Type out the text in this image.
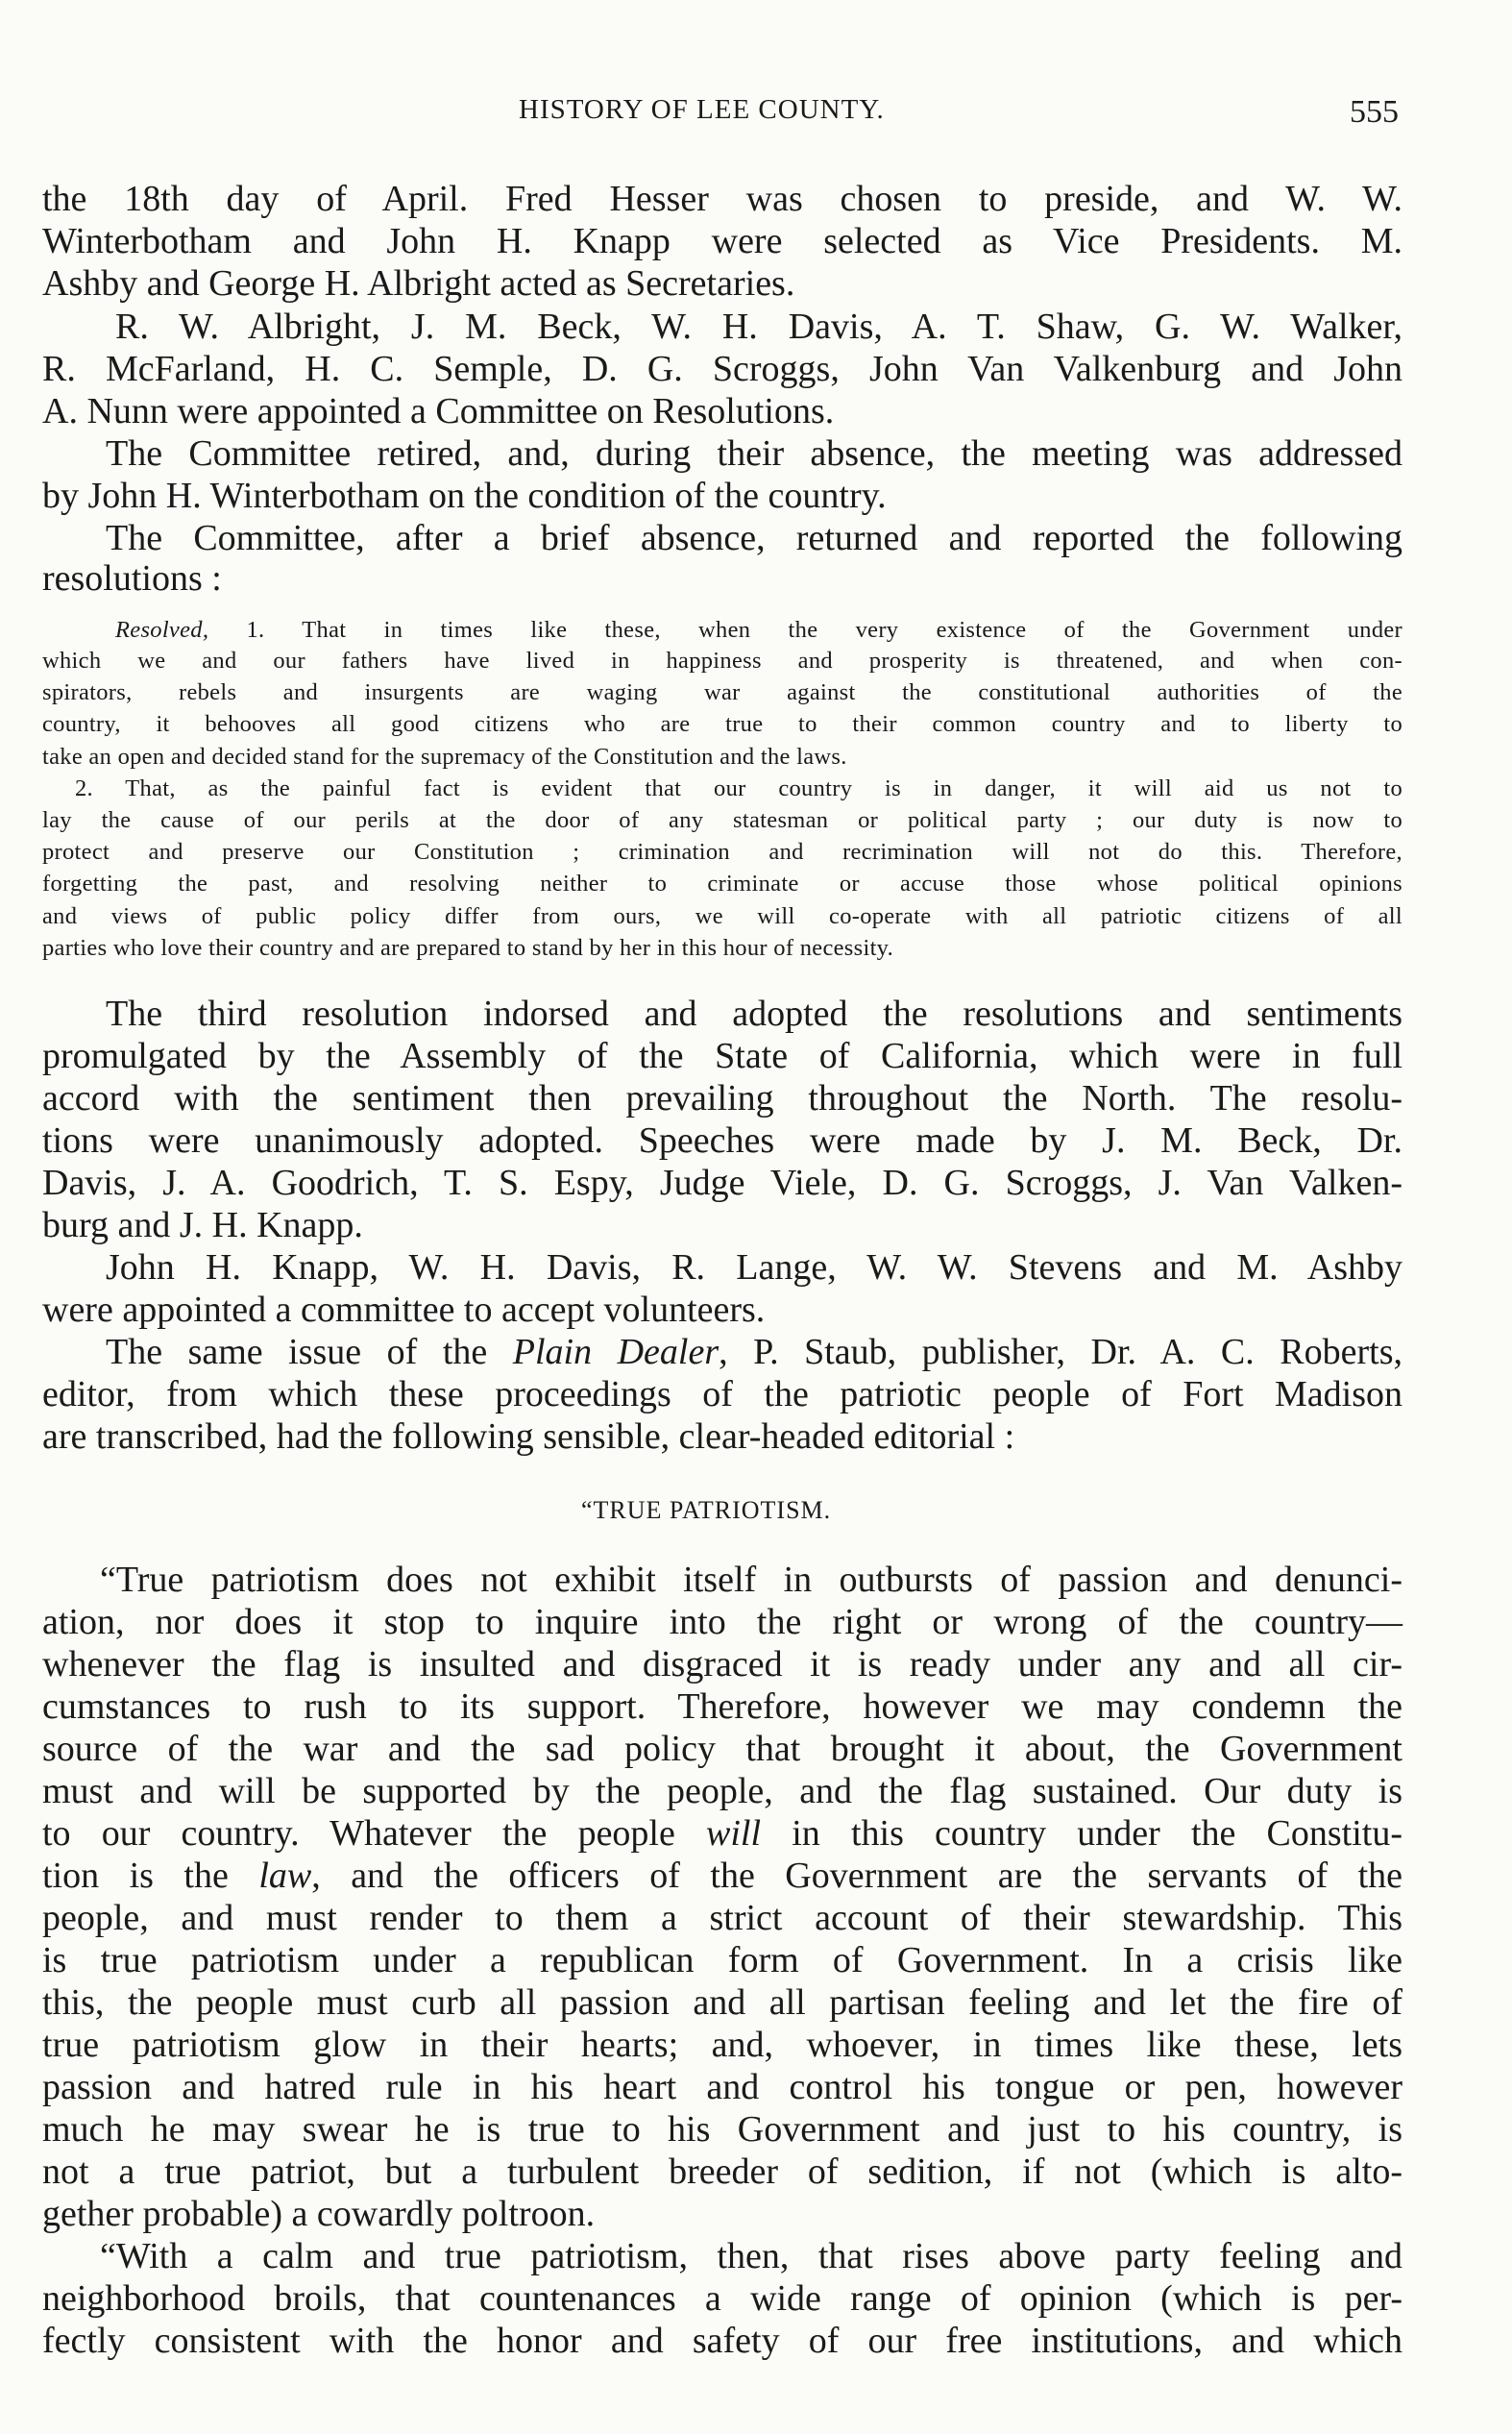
HISTORY OF LEE COUNTY.	555
the 18th day of April. Fred Hesser was chosen to preside, and W. W.
Winterbotham and John H. Knapp were selected as Vice Presidents. M.
Ashby and George H. Albright acted as Secretaries.
R. W. Albright, J. M. Beck, W. H. Davis, A. T. Shaw, G. W. Walker,
R. McFarland, H. C. Semple, D. G. Scroggs, John Van Valkenburg and John
A. Nunn were appointed a Committee on Resolutions.
The Committee retired, and, during their absence, the meeting was addressed
by John H. Winterbotham on the condition of the country.
The Committee, after a brief absence, returned and reported the following
resolutions :
Resolved, 1. That in times like these, when the very existence of the Government under
which we and our fathers have lived in happiness and prosperity is threatened, and when con-
spirators, rebels and insurgents are waging war against the constitutional authorities of the
country, it behooves all good citizens who are true to their common country and to liberty to
take an open and decided stand for the supremacy of the Constitution and the laws.
2. That, as the painful fact is evident that our country is in danger, it will aid us not to
lay the cause of our perils at the door of any statesman or political party ; our duty is now to
protect and preserve our Constitution ; crimination and recrimination will not do this. Therefore,
forgetting the past, and resolving neither to criminate or accuse those whose political opinions
and views of public policy differ from ours, we will co-operate with all patriotic citizens of all
parties who love their country and are prepared to stand by her in this hour of necessity.
The third resolution indorsed and adopted the resolutions and sentiments
promulgated by the Assembly of the State of California, which were in full
accord with the sentiment then prevailing throughout the North. The resolu-
tions were unanimously adopted. Speeches were made by J. M. Beck, Dr.
Davis, J. A. Goodrich, T. S. Espy, Judge Viele, D. G. Scroggs, J. Van Valken-
burg and J. H. Knapp.
John H. Knapp, W. H. Davis, R. Lange, W. W. Stevens and M. Ashby
were appointed a committee to accept volunteers.
The same issue of the Plain Dealer, P. Staub, publisher, Dr. A. C. Roberts,
editor, from which these proceedings of the patriotic people of Fort Madison
are transcribed, had the following sensible, clear-headed editorial :
“TRUE PATRIOTISM.
“True patriotism does not exhibit itself in outbursts of passion and denunci-
ation, nor does it stop to inquire into the right or wrong of the country—
whenever the flag is insulted and disgraced it is ready under any and all cir-
cumstances to rush to its support. Therefore, however we may condemn the
source of the war and the sad policy that brought it about, the Government
must and will be supported by the people, and the flag sustained. Our duty is
to our country. Whatever the people will in this country under the Constitu-
tion is the law, and the officers of the Government are the servants of the
people, and must render to them a strict account of their stewardship. This
is true patriotism under a republican form of Government. In a crisis like
this, the people must curb all passion and all partisan feeling and let the fire of
true patriotism glow in their hearts; and, whoever, in times like these, lets
passion and hatred rule in his heart and control his tongue or pen, however
much he may swear he is true to his Government and just to his country, is
not a true patriot, but a turbulent breeder of sedition, if not (which is alto-
gether probable) a cowardly poltroon.
“With a calm and true patriotism, then, that rises above party feeling and
neighborhood broils, that countenances a wide range of opinion (which is per-
fectly consistent with the honor and safety of our free institutions, and which
